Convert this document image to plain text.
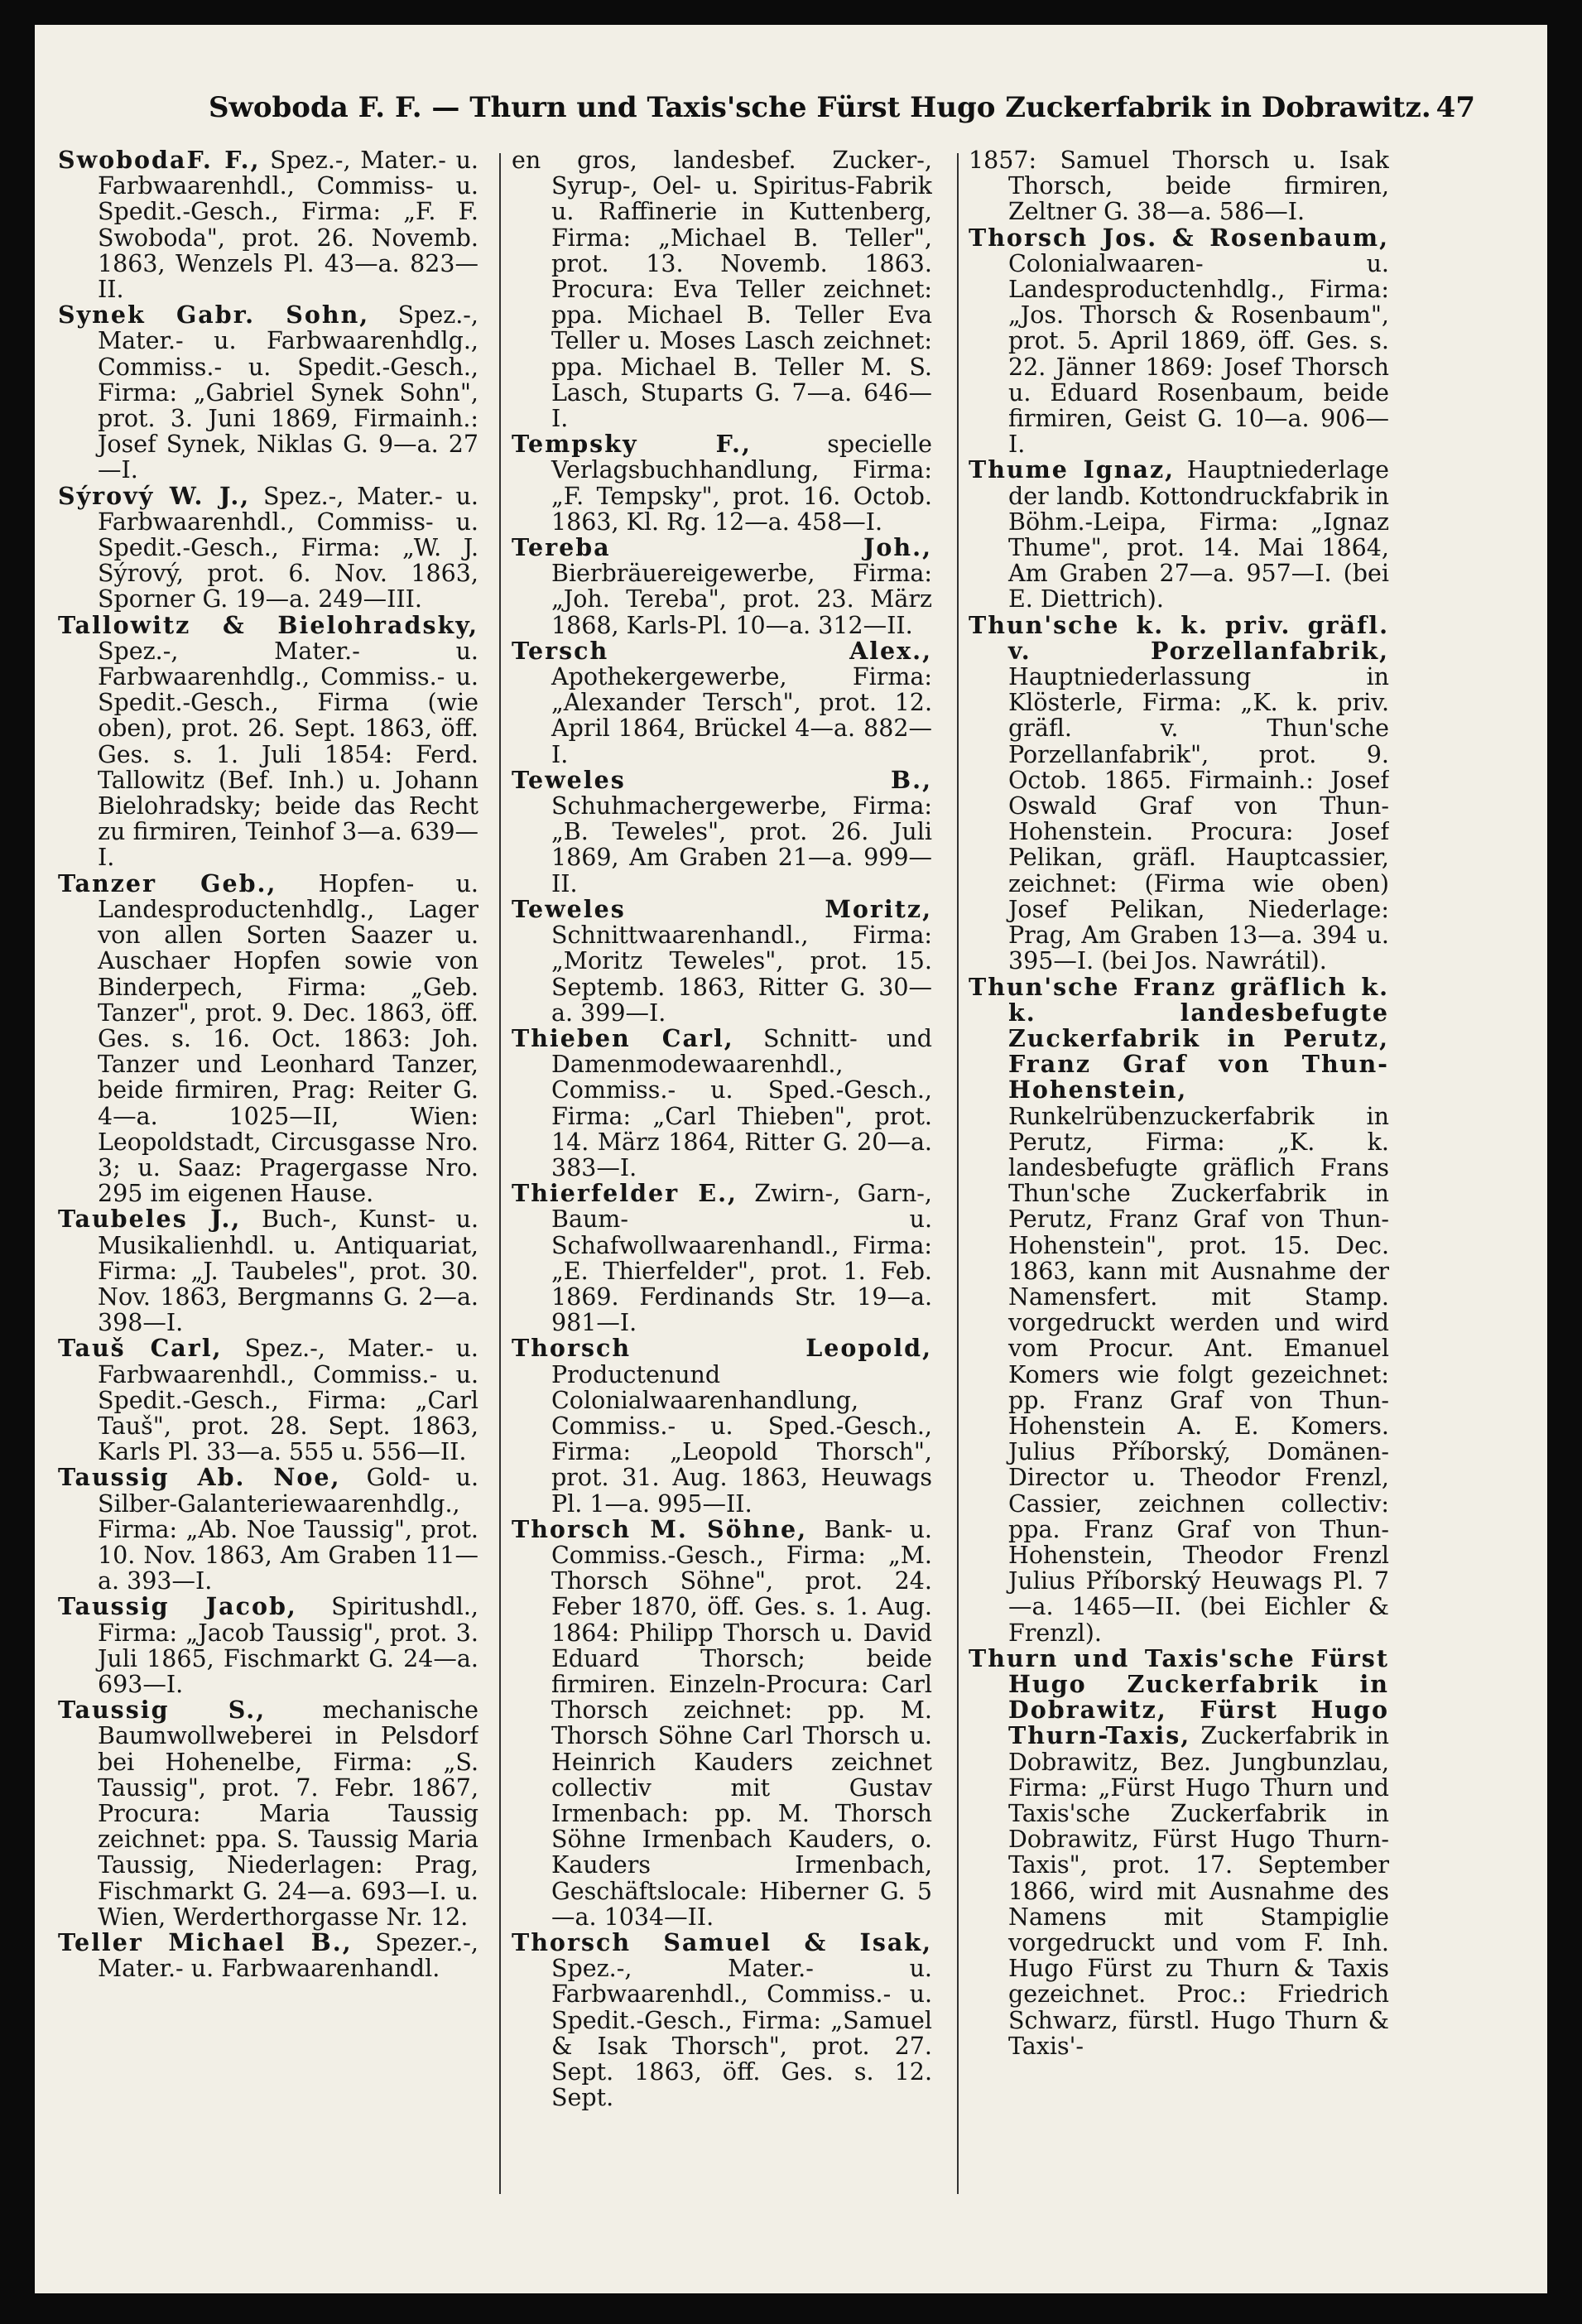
Swoboda F. F. — Thurn und Taxis'sche Fürst Hugo Zuckerfabrik in Dobrawitz. 47

SwobodaF. F., Spez.-, Mater.- u. Farbwaarenhdl., Commiss- u. Spedit.-Gesch., Firma: „F. F. Swoboda", prot. 26. Novemb. 1863, Wenzels Pl. 43—a. 823—II.

Synek Gabr. Sohn, Spez.-, Mater.- u. Farbwaarenhdlg., Commiss.- u. Spedit.-Gesch., Firma: „Gabriel Synek Sohn", prot. 3. Juni 1869, Firmainh.: Josef Synek, Niklas G. 9—a. 27—I.

Sýrový W. J., Spez.-, Mater.- u. Farbwaarenhdl., Commiss- u. Spedit.-Gesch., Firma: „W. J. Sýrový, prot. 6. Nov. 1863, Sporner G. 19—a. 249—III.

Tallowitz & Bielohradsky, Spez.-, Mater.- u. Farbwaarenhdlg., Commiss.- u. Spedit.-Gesch., Firma (wie oben), prot. 26. Sept. 1863, öff. Ges. s. 1. Juli 1854: Ferd. Tallowitz (Bef. Inh.) u. Johann Bielohradsky; beide das Recht zu firmiren, Teinhof 3—a. 639—I.

Tanzer Geb., Hopfen- u. Landesproductenhdlg., Lager von allen Sorten Saazer u. Auschaer Hopfen sowie von Binderpech, Firma: „Geb. Tanzer", prot. 9. Dec. 1863, öff. Ges. s. 16. Oct. 1863: Joh. Tanzer und Leonhard Tanzer, beide firmiren, Prag: Reiter G. 4—a. 1025—II, Wien: Leopoldstadt, Circusgasse Nro. 3; u. Saaz: Pragergasse Nro. 295 im eigenen Hause.

Taubeles J., Buch-, Kunst- u. Musikalienhdl. u. Antiquariat, Firma: „J. Taubeles", prot. 30. Nov. 1863, Bergmanns G. 2—a. 398—I.

Tauš Carl, Spez.-, Mater.- u. Farbwaarenhdl., Commiss.- u. Spedit.-Gesch., Firma: „Carl Tauš", prot. 28. Sept. 1863, Karls Pl. 33—a. 555 u. 556—II.

Taussig Ab. Noe, Gold- u. Silber-Galanteriewaarenhdlg., Firma: „Ab. Noe Taussig", prot. 10. Nov. 1863, Am Graben 11—a. 393—I.

Taussig Jacob, Spiritushdl., Firma: „Jacob Taussig", prot. 3. Juli 1865, Fischmarkt G. 24—a. 693—I.

Taussig S., mechanische Baumwollweberei in Pelsdorf bei Hohenelbe, Firma: „S. Taussig", prot. 7. Febr. 1867, Procura: Maria Taussig zeichnet: ppa. S. Taussig Maria Taussig, Niederlagen: Prag, Fischmarkt G. 24—a. 693—I. u. Wien, Werderthorgasse Nr. 12.

Teller Michael B., Spezer.-, Mater.- u. Farbwaarenhandl.

en gros, landesbef. Zucker-, Syrup-, Oel- u. Spiritus-Fabrik u. Raffinerie in Kuttenberg, Firma: „Michael B. Teller", prot. 13. Novemb. 1863. Procura: Eva Teller zeichnet: ppa. Michael B. Teller Eva Teller u. Moses Lasch zeichnet: ppa. Michael B. Teller M. S. Lasch, Stuparts G. 7—a. 646—I.

Tempsky F., specielle Verlagsbuchhandlung, Firma: „F. Tempsky", prot. 16. Octob. 1863, Kl. Rg. 12—a. 458—I.

Tereba Joh., Bierbräuereigewerbe, Firma: „Joh. Tereba", prot. 23. März 1868, Karls-Pl. 10—a. 312—II.

Tersch Alex., Apothekergewerbe, Firma: „Alexander Tersch", prot. 12. April 1864, Brückel 4—a. 882—I.

Teweles B., Schuhmachergewerbe, Firma: „B. Teweles", prot. 26. Juli 1869, Am Graben 21—a. 999—II.

Teweles Moritz, Schnittwaarenhandl., Firma: „Moritz Teweles", prot. 15. Septemb. 1863, Ritter G. 30—a. 399—I.

Thieben Carl, Schnitt- und Damenmodewaarenhdl., Commiss.- u. Sped.-Gesch., Firma: „Carl Thieben", prot. 14. März 1864, Ritter G. 20—a. 383—I.

Thierfelder E., Zwirn-, Garn-, Baum- u. Schafwollwaarenhandl., Firma: „E. Thierfelder", prot. 1. Feb. 1869. Ferdinands Str. 19—a. 981—I.

Thorsch Leopold, Productenund Colonialwaarenhandlung, Commiss.- u. Sped.-Gesch., Firma: „Leopold Thorsch", prot. 31. Aug. 1863, Heuwags Pl. 1—a. 995—II.

Thorsch M. Söhne, Bank- u. Commiss.-Gesch., Firma: „M. Thorsch Söhne", prot. 24. Feber 1870, öff. Ges. s. 1. Aug. 1864: Philipp Thorsch u. David Eduard Thorsch; beide firmiren. Einzeln-Procura: Carl Thorsch zeichnet: pp. M. Thorsch Söhne Carl Thorsch u. Heinrich Kauders zeichnet collectiv mit Gustav Irmenbach: pp. M. Thorsch Söhne Irmenbach Kauders, o. Kauders Irmenbach, Geschäftslocale: Hiberner G. 5—a. 1034—II.

Thorsch Samuel & Isak, Spez.-, Mater.- u. Farbwaarenhdl., Commiss.- u. Spedit.-Gesch., Firma: „Samuel & Isak Thorsch", prot. 27. Sept. 1863, öff. Ges. s. 12. Sept.

1857: Samuel Thorsch u. Isak Thorsch, beide firmiren, Zeltner G. 38—a. 586—I.

Thorsch Jos. & Rosenbaum, Colonialwaaren- u. Landesproductenhdlg., Firma: „Jos. Thorsch & Rosenbaum", prot. 5. April 1869, öff. Ges. s. 22. Jänner 1869: Josef Thorsch u. Eduard Rosenbaum, beide firmiren, Geist G. 10—a. 906—I.

Thume Ignaz, Hauptniederlage der landb. Kottondruckfabrik in Böhm.-Leipa, Firma: „Ignaz Thume", prot. 14. Mai 1864, Am Graben 27—a. 957—I. (bei E. Diettrich).

Thun'sche k. k. priv. gräfl. v. Porzellanfabrik, Hauptniederlassung in Klösterle, Firma: „K. k. priv. gräfl. v. Thun'sche Porzellanfabrik", prot. 9. Octob. 1865. Firmainh.: Josef Oswald Graf von Thun-Hohenstein. Procura: Josef Pelikan, gräfl. Hauptcassier, zeichnet: (Firma wie oben) Josef Pelikan, Niederlage: Prag, Am Graben 13—a. 394 u. 395—I. (bei Jos. Nawrátil).

Thun'sche Franz gräflich k. k. landesbefugte Zuckerfabrik in Perutz, Franz Graf von Thun-Hohenstein, Runkelrübenzuckerfabrik in Perutz, Firma: „K. k. landesbefugte gräflich Frans Thun'sche Zuckerfabrik in Perutz, Franz Graf von Thun-Hohenstein", prot. 15. Dec. 1863, kann mit Ausnahme der Namensfert. mit Stamp. vorgedruckt werden und wird vom Procur. Ant. Emanuel Komers wie folgt gezeichnet: pp. Franz Graf von Thun-Hohenstein A. E. Komers. Julius Příborský, Domänen-Director u. Theodor Frenzl, Cassier, zeichnen collectiv: ppa. Franz Graf von Thun-Hohenstein, Theodor Frenzl Julius Příborský Heuwags Pl. 7—a. 1465—II. (bei Eichler & Frenzl).

Thurn und Taxis'sche Fürst Hugo Zuckerfabrik in Dobrawitz, Fürst Hugo Thurn-Taxis, Zuckerfabrik in Dobrawitz, Bez. Jungbunzlau, Firma: „Fürst Hugo Thurn und Taxis'sche Zuckerfabrik in Dobrawitz, Fürst Hugo Thurn-Taxis", prot. 17. September 1866, wird mit Ausnahme des Namens mit Stampiglie vorgedruckt und vom F. Inh. Hugo Fürst zu Thurn & Taxis gezeichnet. Proc.: Friedrich Schwarz, fürstl. Hugo Thurn & Taxis'-
